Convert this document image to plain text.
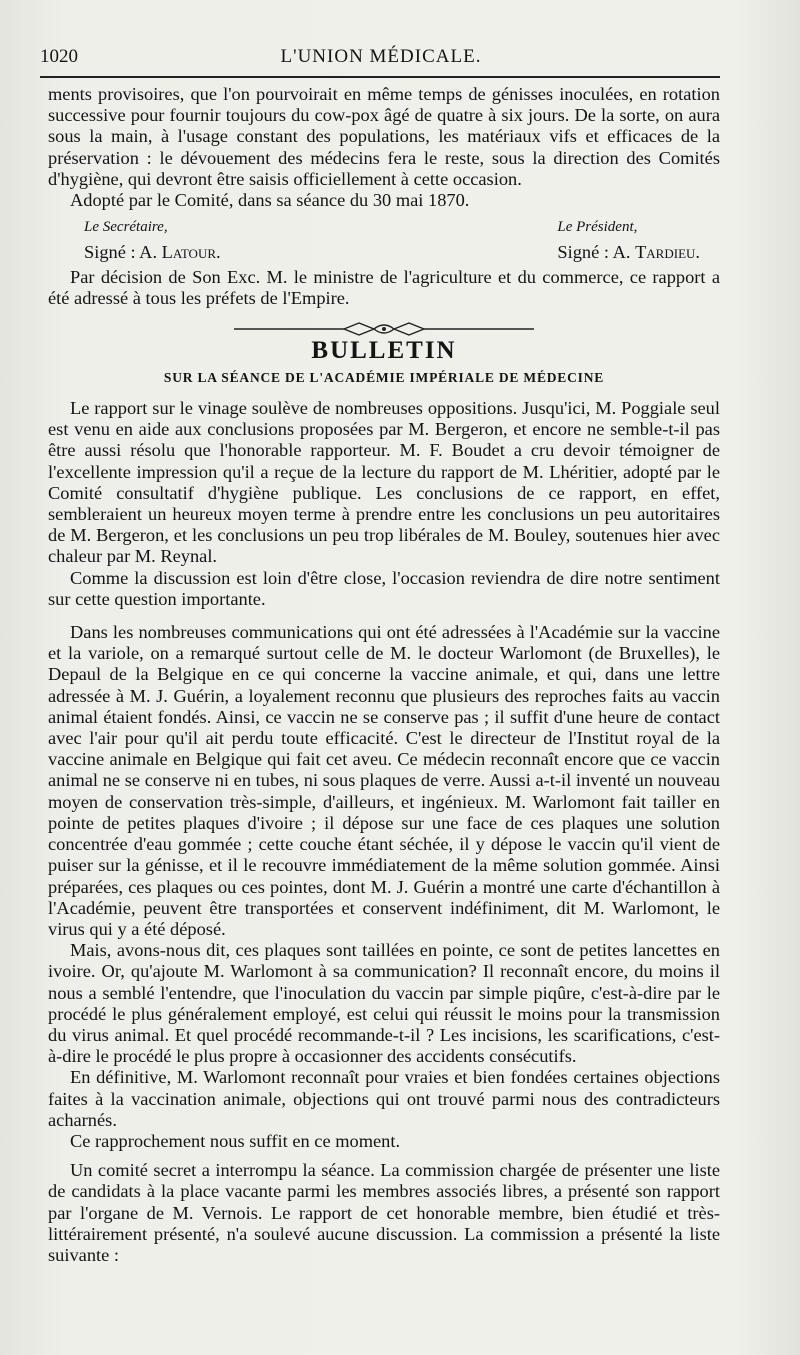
1020	L'UNION MÉDICALE.

ments provisoires, que l'on pourvoirait en même temps de génisses inoculées, en rotation successive pour fournir toujours du cow-pox âgé de quatre à six jours. De la sorte, on aura sous la main, à l'usage constant des populations, les matériaux vifs et efficaces de la préservation : le dévouement des médecins fera le reste, sous la direction des Comités d'hygiène, qui devront être saisis officiellement à cette occasion.

Adopté par le Comité, dans sa séance du 30 mai 1870.

Le Secrétaire,
Signé : A. Latour.
Le Président,
Signé : A. Tardieu.

Par décision de Son Exc. M. le ministre de l'agriculture et du commerce, ce rapport a été adressé à tous les préfets de l'Empire.

BULLETIN
SUR LA SÉANCE DE L'ACADÉMIE IMPÉRIALE DE MÉDECINE

Le rapport sur le vinage soulève de nombreuses oppositions. Jusqu'ici, M. Poggiale seul est venu en aide aux conclusions proposées par M. Bergeron, et encore ne semble-t-il pas être aussi résolu que l'honorable rapporteur. M. F. Boudet a cru devoir témoigner de l'excellente impression qu'il a reçue de la lecture du rapport de M. Lhéritier, adopté par le Comité consultatif d'hygiène publique. Les conclusions de ce rapport, en effet, sembleraient un heureux moyen terme à prendre entre les conclusions un peu autoritaires de M. Bergeron, et les conclusions un peu trop libérales de M. Bouley, soutenues hier avec chaleur par M. Reynal.

Comme la discussion est loin d'être close, l'occasion reviendra de dire notre sentiment sur cette question importante.

Dans les nombreuses communications qui ont été adressées à l'Académie sur la vaccine et la variole, on a remarqué surtout celle de M. le docteur Warlomont (de Bruxelles), le Depaul de la Belgique en ce qui concerne la vaccine animale, et qui, dans une lettre adressée à M. J. Guérin, a loyalement reconnu que plusieurs des reproches faits au vaccin animal étaient fondés. Ainsi, ce vaccin ne se conserve pas ; il suffit d'une heure de contact avec l'air pour qu'il ait perdu toute efficacité. C'est le directeur de l'Institut royal de la vaccine animale en Belgique qui fait cet aveu. Ce médecin reconnaît encore que ce vaccin animal ne se conserve ni en tubes, ni sous plaques de verre. Aussi a-t-il inventé un nouveau moyen de conservation très-simple, d'ailleurs, et ingénieux. M. Warlomont fait tailler en pointe de petites plaques d'ivoire ; il dépose sur une face de ces plaques une solution concentrée d'eau gommée ; cette couche étant séchée, il y dépose le vaccin qu'il vient de puiser sur la génisse, et il le recouvre immédiatement de la même solution gommée. Ainsi préparées, ces plaques ou ces pointes, dont M. J. Guérin a montré une carte d'échantillon à l'Académie, peuvent être transportées et conservent indéfiniment, dit M. Warlomont, le virus qui y a été déposé.

Mais, avons-nous dit, ces plaques sont taillées en pointe, ce sont de petites lancettes en ivoire. Or, qu'ajoute M. Warlomont à sa communication? Il reconnaît encore, du moins il nous a semblé l'entendre, que l'inoculation du vaccin par simple piqûre, c'est-à-dire par le procédé le plus généralement employé, est celui qui réussit le moins pour la transmission du virus animal. Et quel procédé recommande-t-il ? Les incisions, les scarifications, c'est-à-dire le procédé le plus propre à occasionner des accidents consécutifs.

En définitive, M. Warlomont reconnaît pour vraies et bien fondées certaines objections faites à la vaccination animale, objections qui ont trouvé parmi nous des contradicteurs acharnés.

Ce rapprochement nous suffit en ce moment.

Un comité secret a interrompu la séance. La commission chargée de présenter une liste de candidats à la place vacante parmi les membres associés libres, a présenté son rapport par l'organe de M. Vernois. Le rapport de cet honorable membre, bien étudié et très-littérairement présenté, n'a soulevé aucune discussion. La commission a présenté la liste suivante :
